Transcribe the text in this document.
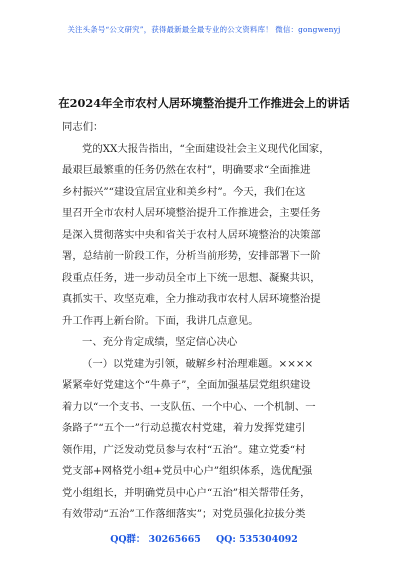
关注头条号“公文研究”，获得最新最全最专业的公文资料库！ 微信：gongwenyj
在2024年全市农村人居环境整治提升工作推进会上的讲话
同志们：
党的XX大报告指出，“全面建设社会主义现代化国家，
最艰巨最繁重的任务仍然在农村”，明确要求“全面推进
乡村振兴”“建设宜居宜业和美乡村”。今天，我们在这
里召开全市农村人居环境整治提升工作推进会，主要任务
是深入贯彻落实中央和省关于农村人居环境整治的决策部
署，总结前一阶段工作，分析当前形势，安排部署下一阶
段重点任务，进一步动员全市上下统一思想、凝聚共识，
真抓实干、攻坚克难，全力推动我市农村人居环境整治提
升工作再上新台阶。下面，我讲几点意见。
一、充分肯定成绩，坚定信心决心
（一）以党建为引领，破解乡村治理难题。××××
紧紧牵好党建这个“牛鼻子”，全面加强基层党组织建设
着力以“一个支书、一支队伍、一个中心、一个机制、一
条路子”“五个一”行动总揽农村党建，着力发挥党建引
领作用，广泛发动党员参与农村“五治”。建立党委“村
党支部+网格党小组+党员中心户”组织体系，选优配强
党小组组长，并明确党员中心户“五治”相关帮带任务，
有效带动“五治”工作落细落实”；对党员强化拉拔分类
QQ群： 30265665 QQ: 535304092
